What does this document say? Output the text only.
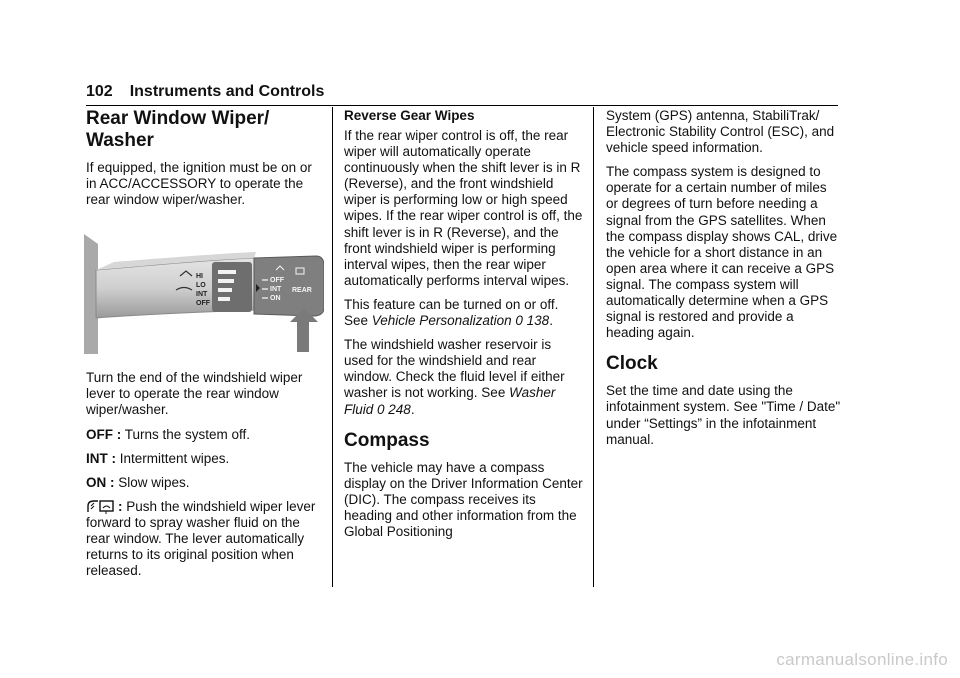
102 Instruments and Controls
Rear Window Wiper/ Washer

If equipped, the ignition must be on or in ACC/ACCESSORY to operate the rear window wiper/washer.

HI
LO
INT
OFF
OFF
INT
ON
REAR

Turn the end of the windshield wiper lever to operate the rear window wiper/washer.

OFF : Turns the system off.

INT : Intermittent wipes.

ON : Slow wipes.

: Push the windshield wiper lever forward to spray washer fluid on the rear window. The lever automatically returns to its original position when released.

Reverse Gear Wipes

If the rear wiper control is off, the rear wiper will automatically operate continuously when the shift lever is in R (Reverse), and the front windshield wiper is performing low or high speed wipes. If the rear wiper control is off, the shift lever is in R (Reverse), and the front windshield wiper is performing interval wipes, then the rear wiper automatically performs interval wipes.

This feature can be turned on or off. See Vehicle Personalization 0 138.

The windshield washer reservoir is used for the windshield and rear window. Check the fluid level if either washer is not working. See Washer Fluid 0 248.

Compass

The vehicle may have a compass display on the Driver Information Center (DIC). The compass receives its heading and other information from the Global Positioning

System (GPS) antenna, StabiliTrak/ Electronic Stability Control (ESC), and vehicle speed information.

The compass system is designed to operate for a certain number of miles or degrees of turn before needing a signal from the GPS satellites. When the compass display shows CAL, drive the vehicle for a short distance in an open area where it can receive a GPS signal. The compass system will automatically determine when a GPS signal is restored and provide a heading again.

Clock

Set the time and date using the infotainment system. See "Time / Date" under “Settings” in the infotainment manual.

carmanualsonline.info
